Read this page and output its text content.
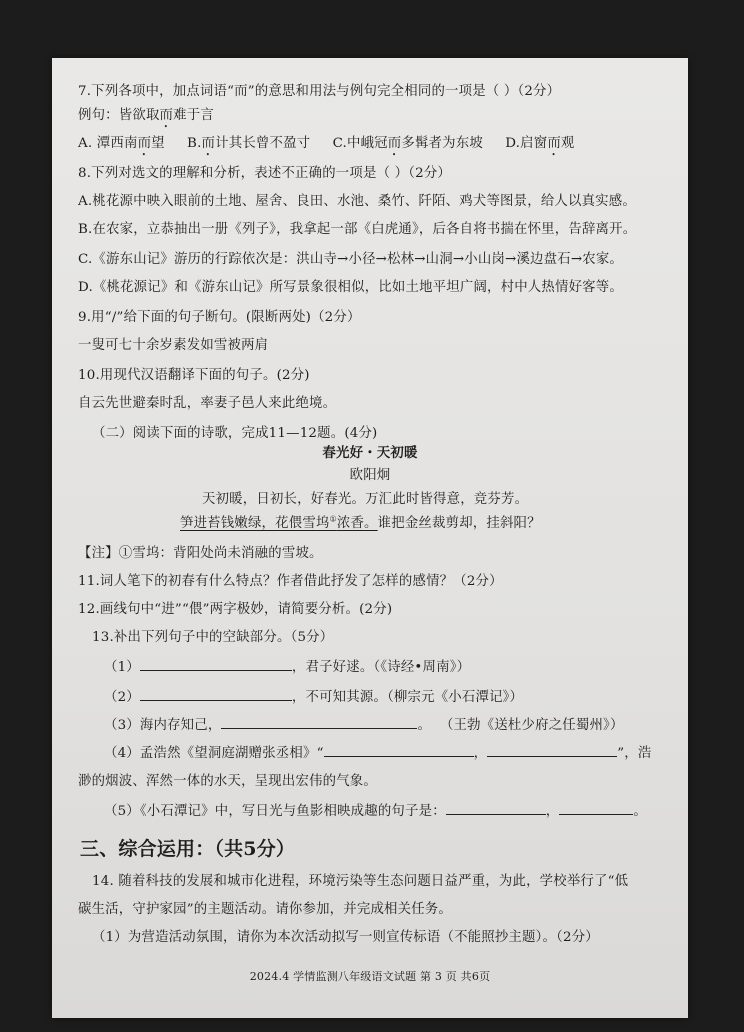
7.下列各项中，加点词语“而”的意思和用法与例句完全相同的一项是（ ）（2分）
例句：皆欲取而难于言
A. 潭西南而望 B.而计其长曾不盈寸 C.中峨冠而多髯者为东坡 D.启窗而观
8.下列对选文的理解和分析，表述不正确的一项是（ ）（2分）
A.桃花源中映入眼前的土地、屋舍、良田、水池、桑竹、阡陌、鸡犬等图景，给人以真实感。
B.在农家，立恭抽出一册《列子》，我拿起一部《白虎通》，后各自将书揣在怀里，告辞离开。
C.《游东山记》游历的行踪依次是：洪山寺→小径→松林→山洞→小山岗→溪边盘石→农家。
D.《桃花源记》和《游东山记》所写景象很相似，比如土地平坦广阔，村中人热情好客等。
9.用“/”给下面的句子断句。(限断两处)（2分）
一叟可七十余岁素发如雪被两肩
10.用现代汉语翻译下面的句子。(2分)
自云先世避秦时乱，率妻子邑人来此绝境。
（二）阅读下面的诗歌，完成11—12题。(4分)
春光好・天初暖
欧阳炯
天初暖，日初长，好春光。万汇此时皆得意，竞芬芳。
笋进苔钱嫩绿，花偎雪坞①浓香。谁把金丝裁剪却，挂斜阳？
【注】①雪坞：背阳处尚未消融的雪坡。
11.词人笔下的初春有什么特点？作者借此抒发了怎样的感情？（2分）
12.画线句中“进”“偎”两字极妙，请简要分析。(2分)
13.补出下列句子中的空缺部分。（5分）
（1）	，君子好逑。（《诗经•周南》）
（2）	，不可知其源。（柳宗元《小石潭记》）
（3）海内存知己，	。 （王勃《送杜少府之任蜀州》）
（4）孟浩然《望洞庭湖赠张丞相》“	，	”，浩
渺的烟波、浑然一体的水天，呈现出宏伟的气象。
（5）《小石潭记》中，写日光与鱼影相映成趣的句子是：	，	。
三、综合运用：（共5分）
14. 随着科技的发展和城市化进程，环境污染等生态问题日益严重，为此，学校举行了“低
碳生活，守护家园”的主题活动。请你参加，并完成相关任务。
（1）为营造活动氛围，请你为本次活动拟写一则宣传标语（不能照抄主题）。（2分）
2024.4 学情监测八年级语文试题 第 3 页 共6页
